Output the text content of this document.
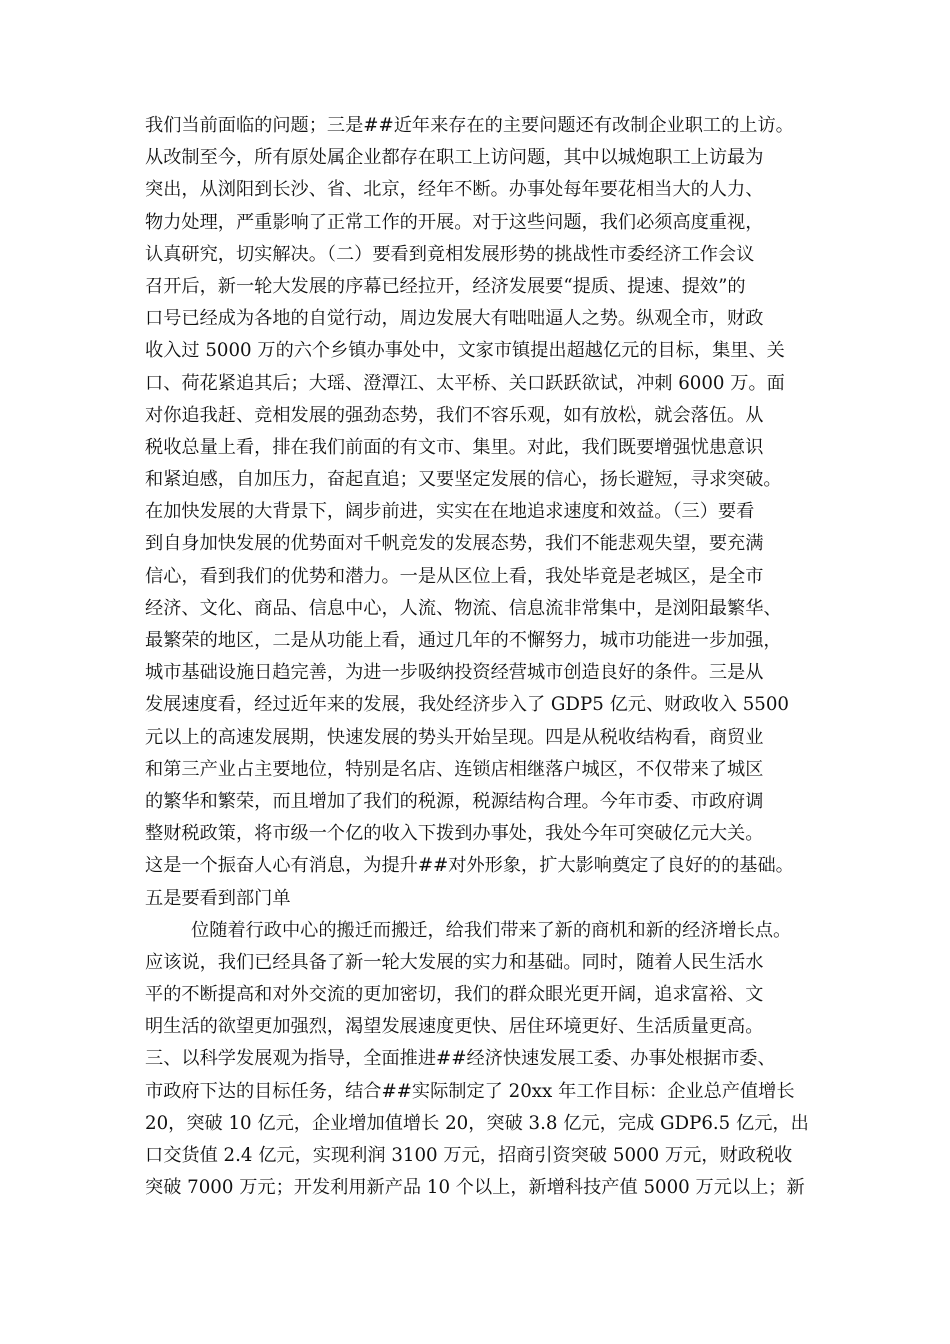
我们当前面临的问题；三是##近年来存在的主要问题还有改制企业职工的上访。
从改制至今，所有原处属企业都存在职工上访问题，其中以城炮职工上访最为
突出，从浏阳到长沙、省、北京，经年不断。办事处每年要花相当大的人力、
物力处理，严重影响了正常工作的开展。对于这些问题，我们必须高度重视，
认真研究，切实解决。（二）要看到竟相发展形势的挑战性市委经济工作会议
召开后，新一轮大发展的序幕已经拉开，经济发展要“提质、提速、提效”的
口号已经成为各地的自觉行动，周边发展大有咄咄逼人之势。纵观全市，财政
收入过 5000 万的六个乡镇办事处中，文家市镇提出超越亿元的目标，集里、关
口、荷花紧追其后；大瑶、澄潭江、太平桥、关口跃跃欲试，冲刺 6000 万。面
对你追我赶、竞相发展的强劲态势，我们不容乐观，如有放松，就会落伍。从
税收总量上看，排在我们前面的有文市、集里。对此，我们既要增强忧患意识
和紧迫感，自加压力，奋起直追；又要坚定发展的信心，扬长避短，寻求突破。
在加快发展的大背景下，阔步前进，实实在在地追求速度和效益。（三）要看
到自身加快发展的优势面对千帆竞发的发展态势，我们不能悲观失望，要充满
信心，看到我们的优势和潜力。一是从区位上看，我处毕竟是老城区，是全市
经济、文化、商品、信息中心，人流、物流、信息流非常集中，是浏阳最繁华、
最繁荣的地区，二是从功能上看，通过几年的不懈努力，城市功能进一步加强，
城市基础设施日趋完善，为进一步吸纳投资经营城市创造良好的条件。三是从
发展速度看，经过近年来的发展，我处经济步入了 GDP5 亿元、财政收入 5500
元以上的高速发展期，快速发展的势头开始呈现。四是从税收结构看，商贸业
和第三产业占主要地位，特别是名店、连锁店相继落户城区，不仅带来了城区
的繁华和繁荣，而且增加了我们的税源，税源结构合理。今年市委、市政府调
整财税政策，将市级一个亿的收入下拨到办事处，我处今年可突破亿元大关。
这是一个振奋人心有消息，为提升##对外形象，扩大影响奠定了良好的的基础。
五是要看到部门单
位随着行政中心的搬迁而搬迁，给我们带来了新的商机和新的经济增长点。
应该说，我们已经具备了新一轮大发展的实力和基础。同时，随着人民生活水
平的不断提高和对外交流的更加密切，我们的群众眼光更开阔，追求富裕、文
明生活的欲望更加强烈，渴望发展速度更快、居住环境更好、生活质量更高。
三、以科学发展观为指导，全面推进##经济快速发展工委、办事处根据市委、
市政府下达的目标任务，结合##实际制定了 20xx 年工作目标：企业总产值增长
20，突破 10 亿元，企业增加值增长 20，突破 3.8 亿元，完成 GDP6.5 亿元，出
口交货值 2.4 亿元，实现利润 3100 万元，招商引资突破 5000 万元，财政税收
突破 7000 万元；开发利用新产品 10 个以上，新增科技产值 5000 万元以上；新
